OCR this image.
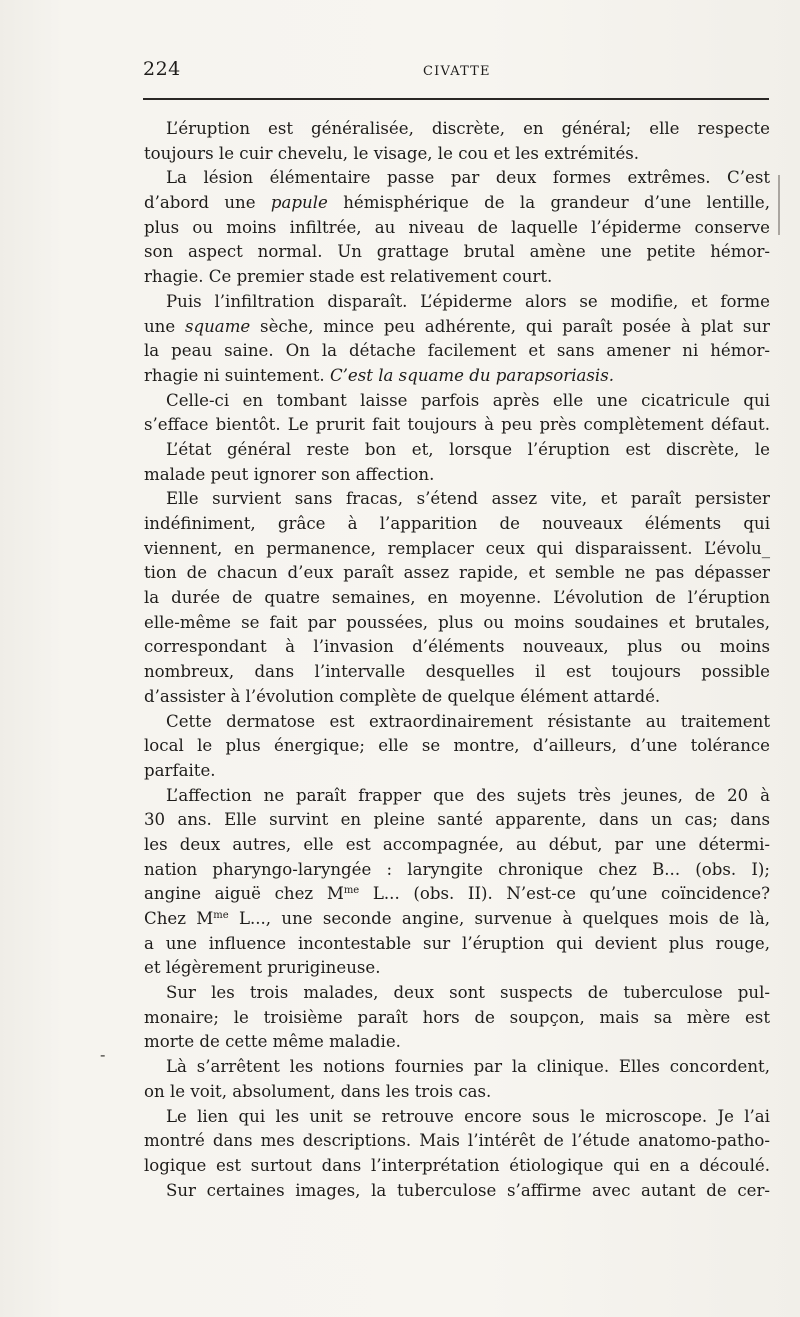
224	CIVATTE
L’éruption est généralisée, discrète, en général; elle respecte
toujours le cuir chevelu, le visage, le cou et les extrémités.
La lésion élémentaire passe par deux formes extrêmes. C’est
d’abord une papule hémisphérique de la grandeur d’une lentille,
plus ou moins infiltrée, au niveau de laquelle l’épiderme conserve
son aspect normal. Un grattage brutal amène une petite hémor-
rhagie. Ce premier stade est relativement court.
Puis l’infiltration disparaît. L’épiderme alors se modifie, et forme
une squame sèche, mince peu adhérente, qui paraît posée à plat sur
la peau saine. On la détache facilement et sans amener ni hémor-
rhagie ni suintement. C’est la squame du parapsoriasis.
Celle-ci en tombant laisse parfois après elle une cicatricule qui
s’efface bientôt. Le prurit fait toujours à peu près complètement défaut.
L’état général reste bon et, lorsque l’éruption est discrète, le
malade peut ignorer son affection.
Elle survient sans fracas, s’étend assez vite, et paraît persister
indéfiniment, grâce à l’apparition de nouveaux éléments qui
viennent, en permanence, remplacer ceux qui disparaissent. L’évolu_
tion de chacun d’eux paraît assez rapide, et semble ne pas dépasser
la durée de quatre semaines, en moyenne. L’évolution de l’éruption
elle-même se fait par poussées, plus ou moins soudaines et brutales,
correspondant à l’invasion d’éléments nouveaux, plus ou moins
nombreux, dans l’intervalle desquelles il est toujours possible
d’assister à l’évolution complète de quelque élément attardé.
Cette dermatose est extraordinairement résistante au traitement
local le plus énergique; elle se montre, d’ailleurs, d’une tolérance
parfaite.
L’affection ne paraît frapper que des sujets très jeunes, de 20 à
30 ans. Elle survint en pleine santé apparente, dans un cas; dans
les deux autres, elle est accompagnée, au début, par une détermi-
nation pharyngo-laryngée : laryngite chronique chez B... (obs. I);
angine aiguë chez $M^{me}$ L... (obs. II). N’est-ce qu’une coïncidence?
Chez $M^{me}$ L..., une seconde angine, survenue à quelques mois de là,
a une influence incontestable sur l’éruption qui devient plus rouge,
et légèrement prurigineuse.
Sur les trois malades, deux sont suspects de tuberculose pul-
monaire; le troisième paraît hors de soupçon, mais sa mère est
morte de cette même maladie.
Là s’arrêtent les notions fournies par la clinique. Elles concordent,
on le voit, absolument, dans les trois cas.
Le lien qui les unit se retrouve encore sous le microscope. Je l’ai
montré dans mes descriptions. Mais l’intérêt de l’étude anatomo-patho-
logique est surtout dans l’interprétation étiologique qui en a découlé.
Sur certaines images, la tuberculose s’affirme avec autant de cer-
-
